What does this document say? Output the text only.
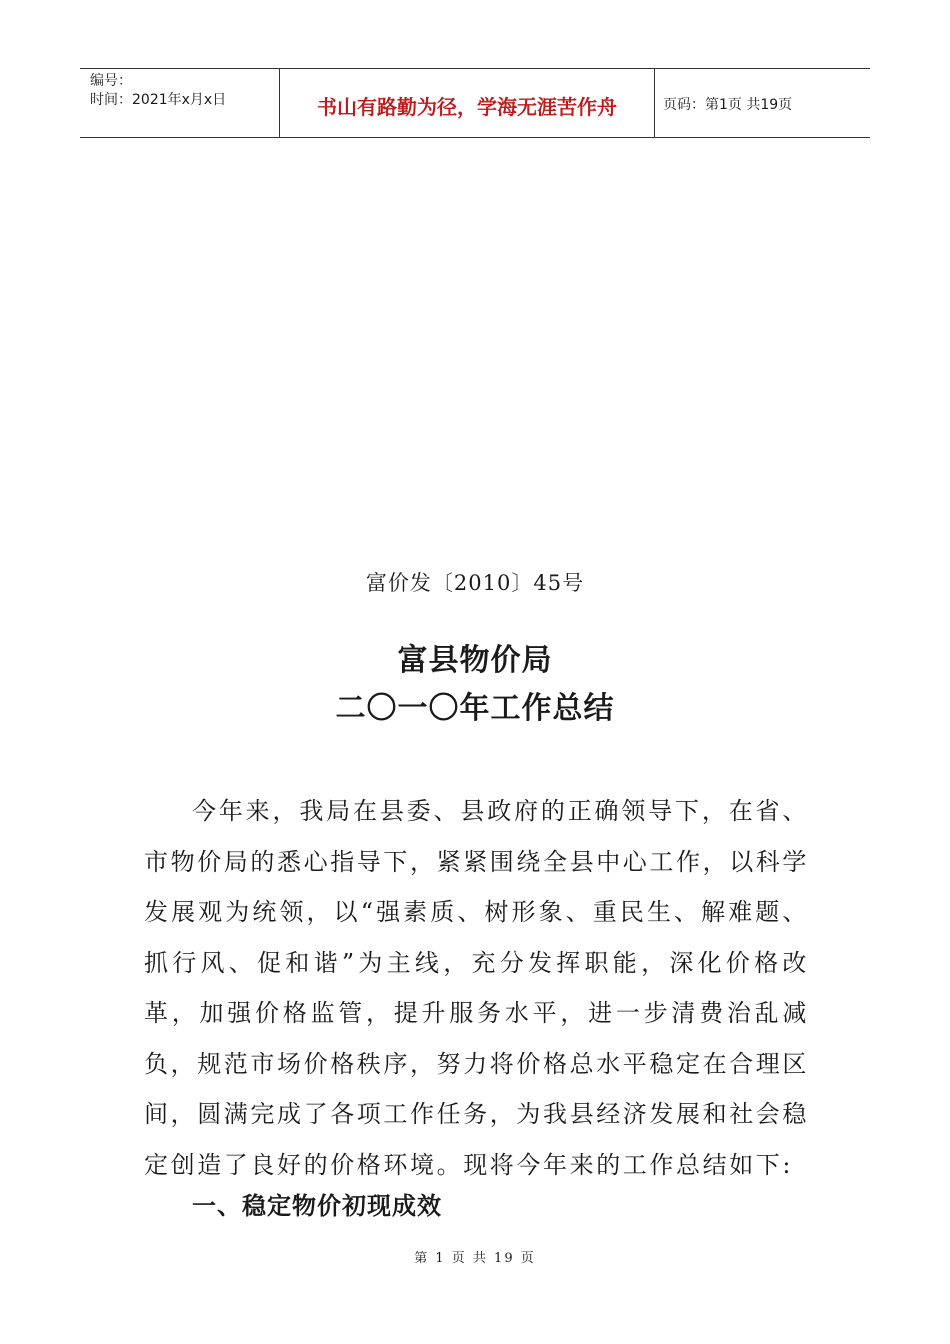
编号：
时间：2021年x月x日	书山有路勤为径，学海无涯苦作舟	页码：第1页 共19页
富价发〔2010〕45号
富县物价局
二〇一〇年工作总结

今年来，我局在县委、县政府的正确领导下，在省、市物价局的悉心指导下，紧紧围绕全县中心工作，以科学发展观为统领，以“强素质、树形象、重民生、解难题、抓行风、促和谐”为主线，充分发挥职能，深化价格改革，加强价格监管，提升服务水平，进一步清费治乱减负，规范市场价格秩序，努力将价格总水平稳定在合理区间，圆满完成了各项工作任务，为我县经济发展和社会稳定创造了良好的价格环境。现将今年来的工作总结如下:

一、稳定物价初现成效
第 1 页 共 19 页
